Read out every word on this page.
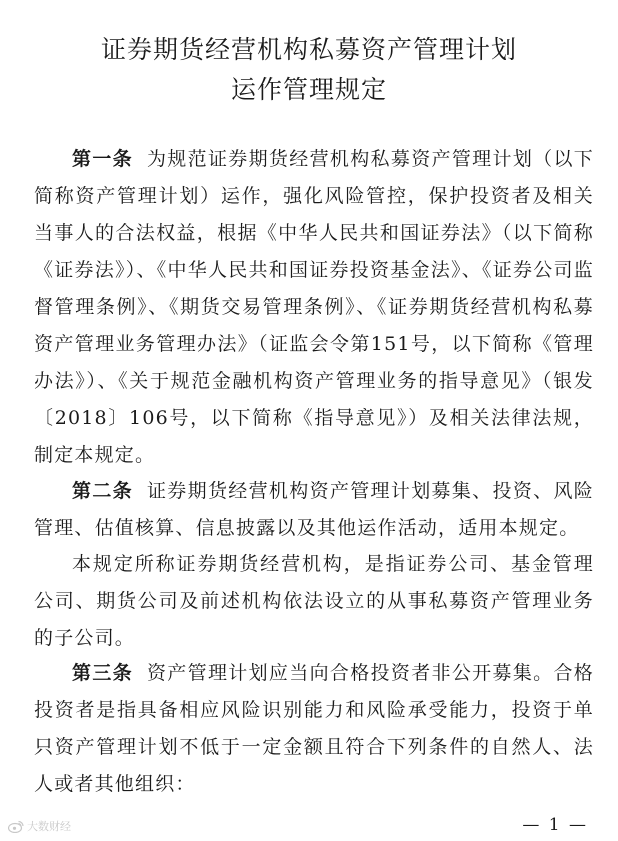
证券期货经营机构私募资产管理计划
运作管理规定

第一条 为规范证券期货经营机构私募资产管理计划（以下简称资产管理计划）运作，强化风险管控，保护投资者及相关当事人的合法权益，根据《中华人民共和国证券法》（以下简称《证券法》）、《中华人民共和国证券投资基金法》、《证券公司监督管理条例》、《期货交易管理条例》、《证券期货经营机构私募资产管理业务管理办法》（证监会令第151号，以下简称《管理办法》）、《关于规范金融机构资产管理业务的指导意见》（银发〔2018〕106号，以下简称《指导意见》）及相关法律法规，制定本规定。

第二条 证券期货经营机构资产管理计划募集、投资、风险管理、估值核算、信息披露以及其他运作活动，适用本规定。

本规定所称证券期货经营机构，是指证券公司、基金管理公司、期货公司及前述机构依法设立的从事私募资产管理业务的子公司。

第三条 资产管理计划应当向合格投资者非公开募集。合格投资者是指具备相应风险识别能力和风险承受能力，投资于单只资产管理计划不低于一定金额且符合下列条件的自然人、法人或者其他组织：

大数财经	— 1 —
